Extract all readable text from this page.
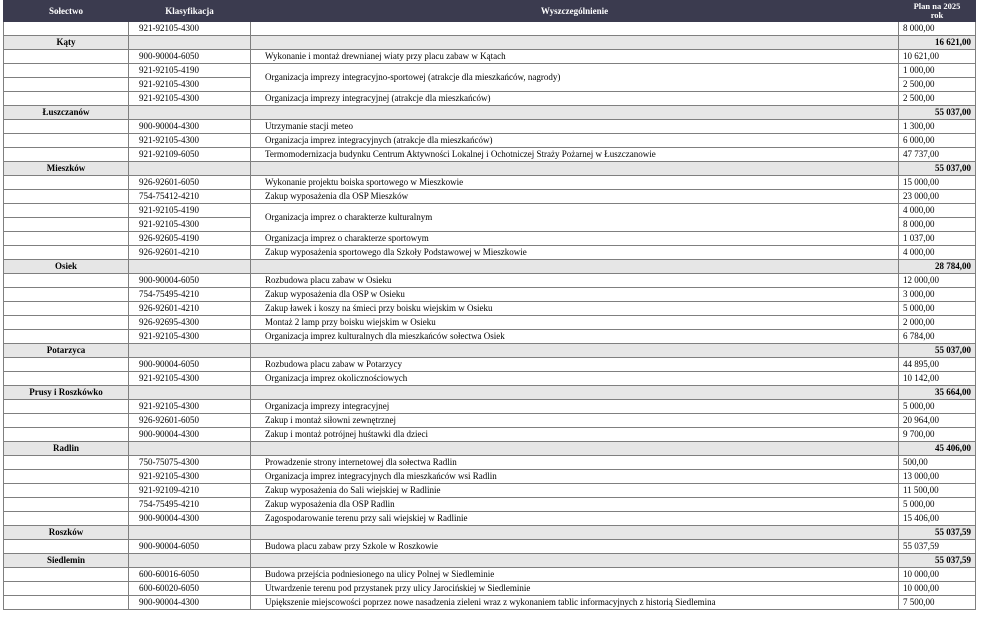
Sołectwo	Klasyfikacja	Wyszczególnienie	Plan na 2025
rok
	921-92105-4300		8 000,00
Kąty			16 621,00
	900-90004-6050	Wykonanie i montaż drewnianej wiaty przy placu zabaw w Kątach	10 621,00
	921-92105-4190	Organizacja imprezy integracyjno-sportowej (atrakcje dla mieszkańców, nagrody)	1 000,00
	921-92105-4300		2 500,00
	921-92105-4300	Organizacja imprezy integracyjnej (atrakcje dla mieszkańców)	2 500,00
Łuszczanów			55 037,00
	900-90004-4300	Utrzymanie stacji meteo	1 300,00
	921-92105-4300	Organizacja imprez integracyjnych (atrakcje dla mieszkańców)	6 000,00
	921-92109-6050	Termomodernizacja budynku Centrum Aktywności Lokalnej i Ochotniczej Straży Pożarnej w Łuszczanowie	47 737,00
Mieszków			55 037,00
	926-92601-6050	Wykonanie projektu boiska sportowego w Mieszkowie	15 000,00
	754-75412-4210	Zakup wyposażenia dla OSP Mieszków	23 000,00
	921-92105-4190	Organizacja imprez o charakterze kulturalnym	4 000,00
	921-92105-4300		8 000,00
	926-92605-4190	Organizacja imprez o charakterze sportowym	1 037,00
	926-92601-4210	Zakup wyposażenia sportowego dla Szkoły Podstawowej w Mieszkowie	4 000,00
Osiek			28 784,00
	900-90004-6050	Rozbudowa placu zabaw w Osieku	12 000,00
	754-75495-4210	Zakup wyposażenia dla OSP w Osieku	3 000,00
	926-92601-4210	Zakup ławek i koszy na śmieci przy boisku wiejskim w Osieku	5 000,00
	926-92695-4300	Montaż 2 lamp przy boisku wiejskim w Osieku	2 000,00
	921-92105-4300	Organizacja imprez kulturalnych dla mieszkańców sołectwa Osiek	6 784,00
Potarzyca			55 037,00
	900-90004-6050	Rozbudowa placu zabaw w Potarzycy	44 895,00
	921-92105-4300	Organizacja imprez okolicznościowych	10 142,00
Prusy i Roszkówko			35 664,00
	921-92105-4300	Organizacja imprezy integracyjnej	5 000,00
	926-92601-6050	Zakup i montaż siłowni zewnętrznej	20 964,00
	900-90004-4300	Zakup i montaż potrójnej huśtawki dla dzieci	9 700,00
Radlin			45 406,00
	750-75075-4300	Prowadzenie strony internetowej dla sołectwa Radlin	500,00
	921-92105-4300	Organizacja imprez integracyjnych dla mieszkańców wsi Radlin	13 000,00
	921-92109-4210	Zakup wyposażenia do Sali wiejskiej w Radlinie	11 500,00
	754-75495-4210	Zakup wyposażenia dla OSP Radlin	5 000,00
	900-90004-4300	Zagospodarowanie terenu przy sali wiejskiej w Radlinie	15 406,00
Roszków			55 037,59
	900-90004-6050	Budowa placu zabaw przy Szkole w Roszkowie	55 037,59
Siedlemin			55 037,59
	600-60016-6050	Budowa przejścia podniesionego na ulicy Polnej w Siedleminie	10 000,00
	600-60020-6050	Utwardzenie terenu pod przystanek przy ulicy Jarocińskiej w Siedleminie	10 000,00
	900-90004-4300	Upiększenie miejscowości poprzez nowe nasadzenia zieleni wraz z wykonaniem tablic informacyjnych z historią Siedlemina	7 500,00
